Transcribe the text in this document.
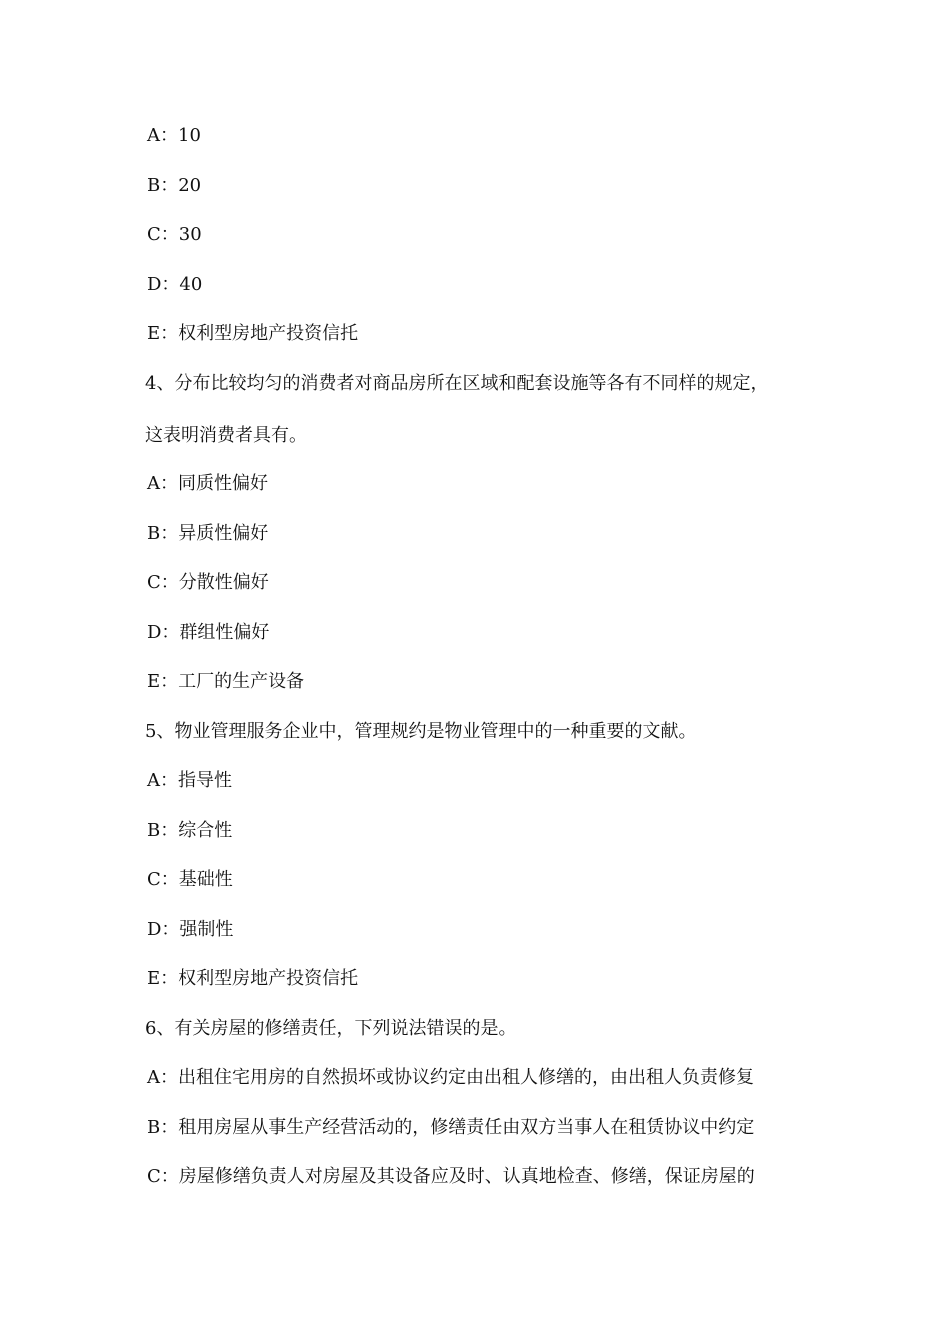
A：10
B：20
C：30
D：40
E：权利型房地产投资信托
4、分布比较均匀的消费者对商品房所在区域和配套设施等各有不同样的规定，
这表明消费者具有。
A：同质性偏好
B：异质性偏好
C：分散性偏好
D：群组性偏好
E：工厂的生产设备
5、物业管理服务企业中，管理规约是物业管理中的一种重要的文献。
A：指导性
B：综合性
C：基础性
D：强制性
E：权利型房地产投资信托
6、有关房屋的修缮责任，下列说法错误的是。
A：出租住宅用房的自然损坏或协议约定由出租人修缮的，由出租人负责修复
B：租用房屋从事生产经营活动的，修缮责任由双方当事人在租赁协议中约定
C：房屋修缮负责人对房屋及其设备应及时、认真地检查、修缮，保证房屋的
